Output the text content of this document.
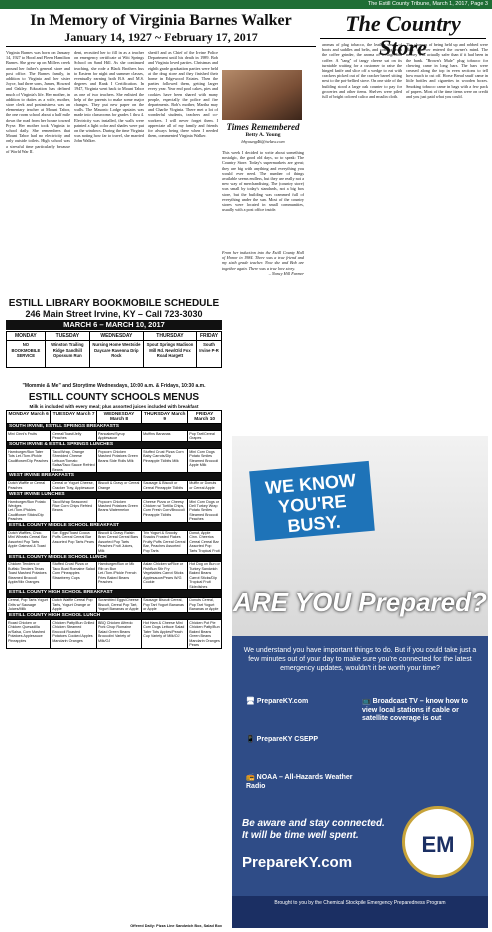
The Estill County Tribune, March 1, 2017, Page 3
In Memory of Virginia Barnes Walker
January 14, 1927 ~ February 17, 2017
Virginia Barnes was born on January 14, 1927 to Hood and Fleen Hamilton Barnes. She grew up on Millers creek around her father's general store and post office. The Barnes family, in addition to Virginia and her sister Joyce, had three sons, James, Howard and Oakley. Education has defined much of Virginia's life. Her mother, in addition to duties as a wife, mother, store clerk and postmistress was an elementary teacher at Mount Tabor, the one room school about a half mile down the road from her house toward Pryse. Her mother took Virginia to school daily. She remembers that Mount Tabor had no electricity and only outside toilets. High school was a stressful time particularly because of World War II.
dent, recruited her to fill in as a teacher on emergency certificate at Witt Springs School on Sand Hill. As she continued teaching, she rode a Black Brothers bus to Eastern for night and summer classes, eventually earning both B.S. and M.S. degrees and Rank I Certification. In 1947, Virginia went back to Mount Tabor as one of two teachers. She enlisted the help of the parents to make some major changes. They put new paper on the walls. The Masonic Lodge upstairs was made into classrooms for grades 1 thru 4. Electricity was installed, the walls were painted a light color and shades were put on the windows. During the time Virginia was noting how far to travel, she married John Walker.
sheriff and as Chief of the Irvine Police Department until his death in 1989. Bob and Virginia loved parties. Christmas and eighth grade graduation parties were held at the drug store and they finished their home in Edgewood Estates. Then the parties followed them, getting larger every year. Year end pool cakes, pies and cookies have been shared with many people, especially the police and fire departments. Bob's mother, Martha may and Charlie Virginia. There met a lot of wonderful students, teachers and co-workers. I will never forget them. I appreciate all of my family and friends for always being there when I needed them, commented Virginia Walker.
Times Remembered
Betty A. Young
bhyoung46@twlaw.com
This week I decided to write about something nostalgic, the good old days, so to speak: The Country Store. Today's supermarkets are great; they are big with anything and everything you would ever need. The number of things available seems endless, but they are really not a new way of merchandising. The (country store) was small by today's standards, not a big box store, but the building was crammed full of everything under the sun. Most of the country stores were located in small communities, usually with a post office inside.
The Country Store
aromas of plug tobacco, the leather smell of boots and saddles and belts, and coming from the coffee grinder, the aroma of freshground coffee. A "tang" of tangy cheese sat on its turntable waiting for a customer to raise the hinged knife and slice off a wedge to eat with crackers picked out of the cracker barrel sitting next to the pot-bellied stove. On one side of the building stood a large oak counter to pay for groceries and other items. Shelves were piled full of bright colored calico and muslin cloth.
The chances of being held up and robbed were slim; it never entered the owner's mind. The money was actually safer than if it had been in the bank. "Brown's Mule" plug tobacco for chewing came in long bars. The bars were creased along the top in even sections to tell how much to cut off. Horse Bread snuff came in little bottles and cigarettes in wooden boxes. Smoking tobacco came in bags with a few pack of papers. Most of the time items were on credit and you just paid what you could.
From her induction into the Estill County Hall of Honor in 1984. There was a true friend and my sixth grade teacher. Now she and Bob are together again. There was a true love story.
– Nancy Hill Farmer
ESTILL LIBRARY BOOKMOBILE SCHEDULE
246 Main Street Irvine, KY – Call 723-3030
MARCH 6 – MARCH 10, 2017
MONDAY	TUESDAY	WEDNESDAY	THURSDAY	FRIDAY
NO BOOKMOBILE SERVICE	Winston Trailing Ridge Sandhill Opossum Run	Nursing Home Westside Daycare Ravenna Drip Rock	Spout Springs Madison Mill Rd. New/Old Fox Road Hargett	South Irvine P-R
"Mommie & Me" and Storytime Wednesdays, 10:00 a.m. & Fridays, 10:30 a.m.
ESTILL COUNTY SCHOOLS MENUS
Milk is included with every meal; plus assorted juices included with breakfast
MONDAY March 6	TUESDAY March 7	WEDNESDAY March 8	THURSDAY March 9	FRIDAY March 10
SOUTH IRVINE, ESTILL SPRINGS BREAKFASTS				
Mini Cinni's Fruits	Cereal/Toast/Jelly Peaches	Pancakes/Syrup Applesauce	Muffins Bananas	Pop Tart/Cereal Grapes
SOUTH IRVINE & ESTILL SPRINGS LUNCHES				
Hamburger/Bun Tater Tots Let./Tom./Pickle Cauliflower/Dip Peaches	Taco/Wrap, Orange Shredded Cheese Lettuce/Tomato Salsa/Taco Sauce Refried Beans	Popcorn Chicken Mashed Potatoes Green Beans Side Rolls Milk	Stuffed Crust Pizza Corn Baby Carrots/Dip Pineapple Tidbits Milk	Mini Corn Dogs Potato Smiles Steamed Broccoli Apple Milk
WEST IRVINE BREAKFASTS				
Dutch Waffle or Cereal Peaches	Cereal or Yogurt Cheese, Cracker Tray, Applesauce	Biscuit & Gravy or Cereal Orange	Sausage & Biscuit or Cereal Pineapple Tidbits	Muffin or Donuts or Cereal Apple
WEST IRVINE LUNCHES				
Hamburger/Bun Potato Wedges Let./Tom./Pickles Cauliflower Sticks/Dip Peaches	Taco/Wrap Seasoned Rice Corn Chips Refried Beans	Popcorn Chicken Mashed Potatoes Green Beans Watermelon	Cheese Pizza or Cheesy Chicken w/ Tortilla Chips, Corn Fresh Corn/Broccoli Pineapple Tidbits	Mini Corn Dogs or Deli Turkey Wrap Potato Smiles Steamed Broccoli Peaches
ESTILL COUNTY MIDDLE SCHOOL BREAKFAST				
Dutch Waffles, Choc. Mini Wheats Cereal Bar Assorted Pop Tarts Apple Oatmeal & Toast	Scr. Eggs/Toast Cocoa Puffs Cereal Cereal Bar Assorted Pop Tarts Pears	Biscuit & Gravy Raisin Bran Cereal Cereal Bars Assorted Pop Tarts Peaches Fruit Juices, Milk	Trix Yogurt & Snooky Snacks Frosted Flakes Fruity Puffs Cereal Cereal Bar, Peaches Assorted Pop Tarts	Donut, Apple Cinn. Cheerios Cereal Cereal Bar Assorted Pop Tarts Tropical Fruit
ESTILL COUNTY MIDDLE SCHOOL LUNCH				
Chicken Tenders or Buffalo Tenders Texas Toast Mashed Potatoes Steamed Broccoli Apple/Mix Oranges	Stuffed Crust Pizza or Taco Boat Romaine Salad Corn Pineapples Strawberry Cups	Hamburger/Bun or Mk Rib on Bun Let./Tom./Pickle French Fries Baked Beans Peaches	Asian Chicken w/Rice or FishBun Stir Fry Vegetables Carrot Sticks Applesauce/Pears W/G Cookie	Hot Dog on Bun or Turkey Sandwich Baked Beans Carrot Sticks/Dip Tropical Fruit Sidedishes
ESTILL COUNTY HIGH SCHOOL BREAKFAST				
Cereal, Pop Tarts Yogurt Grits w/ Sausage Juices/Milk	Dutch Waffle Cereal Pop Tarts, Yogurt Orange or Apple	Scrambled Eggs/Cheese Biscuit, Cereal Pop Tart, Yogurt Bananas or Apple	Sausage Biscuit Cereal, Pop Tart Yogurt Bananas or Apple	Donuts Cereal, Pop Tart Yogurt Bananas or Apple
ESTILL COUNTY HIGH SCHOOL LUNCH				
Roast Chicken or Chicken Quesadilla w/Salsa, Corn Mashed Potatoes Applesauce Pineapples	Chicken Patty/Bun Grilled Chicken Steamed Broccoli Roasted Potatoes Cooked Apples Mandarin Oranges	BBQ Chicken Alfredo Pork Chop Romaine Salad Green Beans Broccolini Variety of Milk/OJ	Hot Ham & Cheese Mini Corn Dogs Lettuce Salad Tater Tots Apples/Peach Cup Variety of Milk/OJ	Chicken Pot Pie Chicken Patty/Bun Baked Beans Green Beans Mandarin Oranges Pears
Offered Daily: Pizza Line Sandwich Box, Salad Box
WE KNOW YOU'RE BUSY.
ARE YOU Prepared?
We understand you have important things to do. But if you could take just a few minutes out of your day to make sure you're connected for the latest emergency updates, wouldn't it be worth your time?
🖥 PrepareKY.com	📺 Broadcast TV – know how to view local stations if cable or satellite coverage is out
📱 PrepareKY CSEPP
📻 NOAA – All-Hazards Weather Radio
Be aware and stay connected. It will be time well spent.
PrepareKY.com
EM
Brought to you by the Chemical Stockpile Emergency Preparedness Program
